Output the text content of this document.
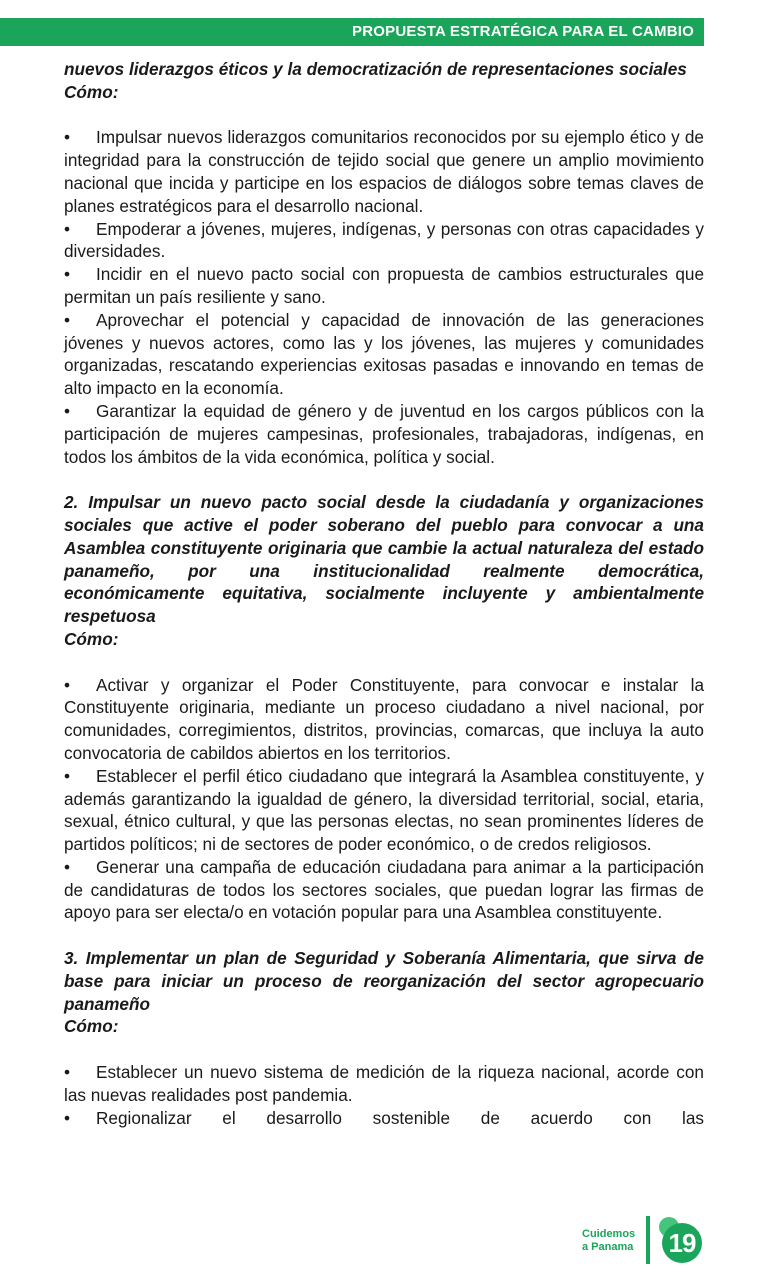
PROPUESTA ESTRATÉGICA PARA EL CAMBIO

nuevos liderazgos éticos y la democratización de representaciones sociales

Cómo:

• Impulsar nuevos liderazgos comunitarios reconocidos por su ejemplo ético y de integridad para la construcción de tejido social que genere un amplio movimiento nacional que incida y participe en los espacios de diálogos sobre temas claves de planes estratégicos para el desarrollo nacional.

• Empoderar a jóvenes, mujeres, indígenas, y personas con otras capacidades y diversidades.

• Incidir en el nuevo pacto social con propuesta de cambios estructurales que permitan un país resiliente y sano.

• Aprovechar el potencial y capacidad de innovación de las generaciones jóvenes y nuevos actores, como las y los jóvenes, las mujeres y comunidades organizadas, rescatando experiencias exitosas pasadas e innovando en temas de alto impacto en la economía.

• Garantizar la equidad de género y de juventud en los cargos públicos con la participación de mujeres campesinas, profesionales, trabajadoras, indígenas, en todos los ámbitos de la vida económica, política y social.

2. Impulsar un nuevo pacto social desde la ciudadanía y organizaciones sociales que active el poder soberano del pueblo para convocar a una Asamblea constituyente originaria que cambie la actual naturaleza del estado panameño, por una institucionalidad realmente democrática, económicamente equitativa, socialmente incluyente y ambientalmente respetuosa

Cómo:

• Activar y organizar el Poder Constituyente, para convocar e instalar la Constituyente originaria, mediante un proceso ciudadano a nivel nacional, por comunidades, corregimientos, distritos, provincias, comarcas, que incluya la auto convocatoria de cabildos abiertos en los territorios.

• Establecer el perfil ético ciudadano que integrará la Asamblea constituyente, y además garantizando la igualdad de género, la diversidad territorial, social, etaria, sexual, étnico cultural, y que las personas electas, no sean prominentes líderes de partidos políticos; ni de sectores de poder económico, o de credos religiosos.

• Generar una campaña de educación ciudadana para animar a la participación de candidaturas de todos los sectores sociales, que puedan lograr las firmas de apoyo para ser electa/o en votación popular para una Asamblea constituyente.

3. Implementar un plan de Seguridad y Soberanía Alimentaria, que sirva de base para iniciar un proceso de reorganización del sector agropecuario panameño

Cómo:

• Establecer un nuevo sistema de medición de la riqueza nacional, acorde con las nuevas realidades post pandemia.

• Regionalizar el desarrollo sostenible de acuerdo con las

Cuidemos
a Panama 19
